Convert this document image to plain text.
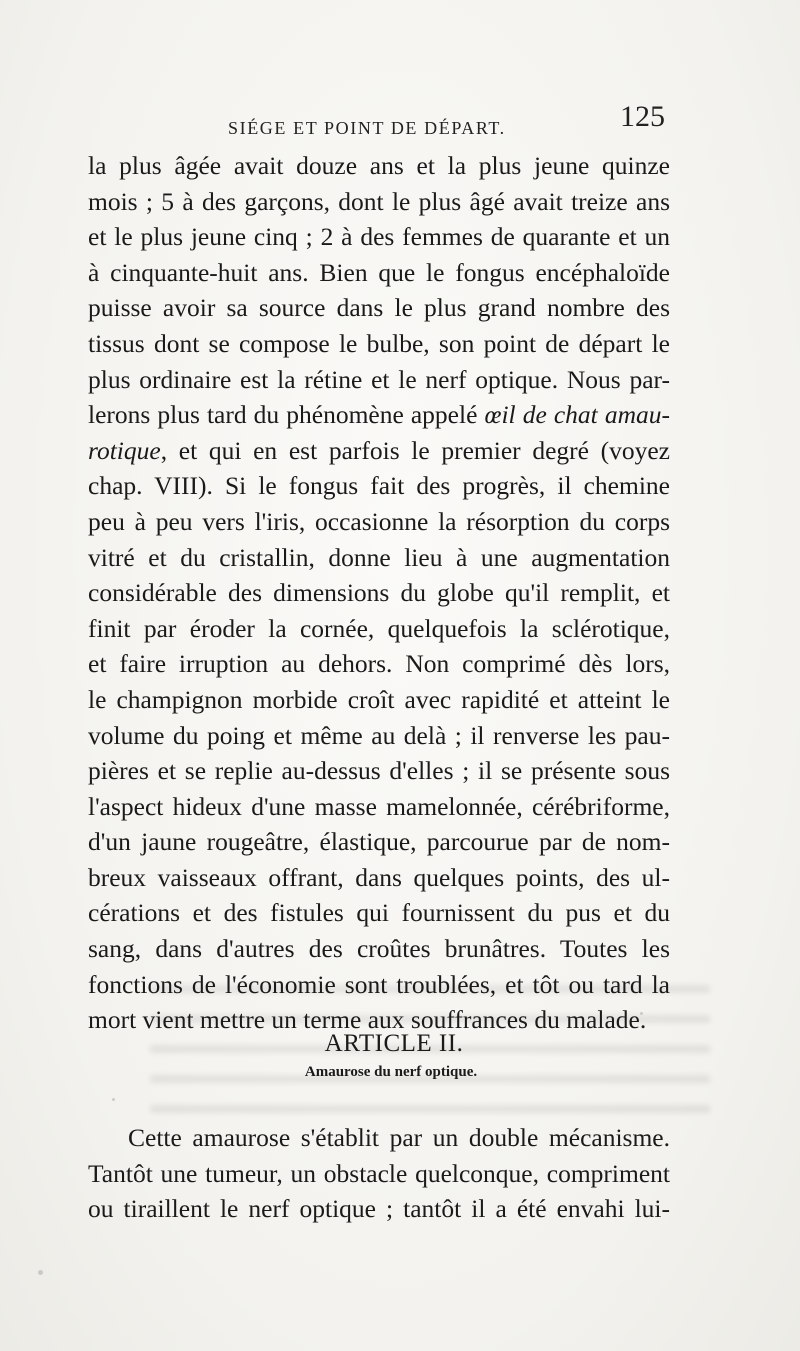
SIÉGE ET POINT DE DÉPART.	125
la plus âgée avait douze ans et la plus jeune quinze
mois ; 5 à des garçons, dont le plus âgé avait treize ans
et le plus jeune cinq ; 2 à des femmes de quarante et un
à cinquante-huit ans. Bien que le fongus encéphaloïde
puisse avoir sa source dans le plus grand nombre des
tissus dont se compose le bulbe, son point de départ le
plus ordinaire est la rétine et le nerf optique. Nous par-
lerons plus tard du phénomène appelé œil de chat amau-
rotique, et qui en est parfois le premier degré (voyez
chap. VIII). Si le fongus fait des progrès, il chemine
peu à peu vers l'iris, occasionne la résorption du corps
vitré et du cristallin, donne lieu à une augmentation
considérable des dimensions du globe qu'il remplit, et
finit par éroder la cornée, quelquefois la sclérotique,
et faire irruption au dehors. Non comprimé dès lors,
le champignon morbide croît avec rapidité et atteint le
volume du poing et même au delà ; il renverse les pau-
pières et se replie au-dessus d'elles ; il se présente sous
l'aspect hideux d'une masse mamelonnée, cérébriforme,
d'un jaune rougeâtre, élastique, parcourue par de nom-
breux vaisseaux offrant, dans quelques points, des ul-
cérations et des fistules qui fournissent du pus et du
sang, dans d'autres des croûtes brunâtres. Toutes les
fonctions de l'économie sont troublées, et tôt ou tard la
mort vient mettre un terme aux souffrances du malade.
ARTICLE II.
Amaurose du nerf optique.
Cette amaurose s'établit par un double mécanisme.
Tantôt une tumeur, un obstacle quelconque, compriment
ou tiraillent le nerf optique ; tantôt il a été envahi lui-
